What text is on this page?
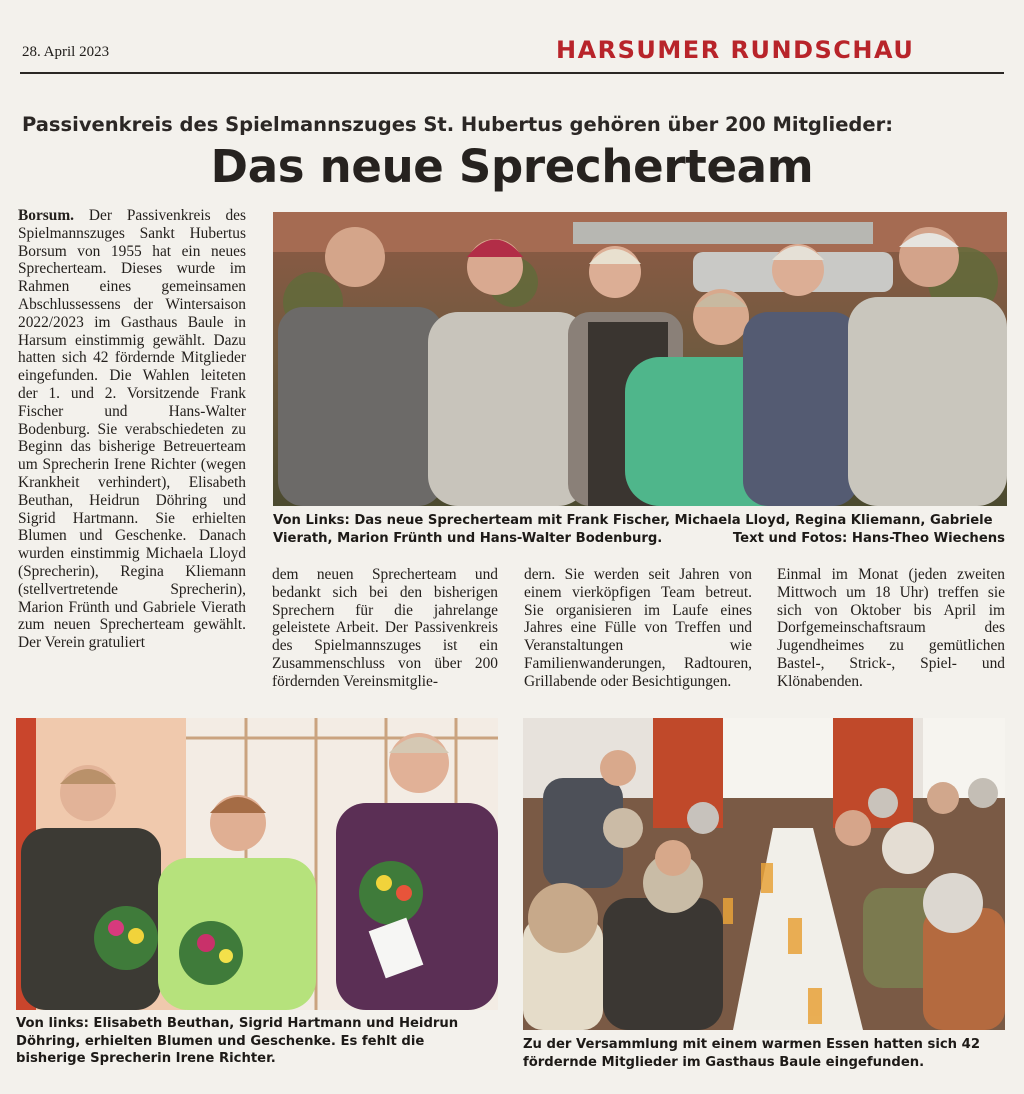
28. April 2023	HARSUMER RUNDSCHAU
Passivenkreis des Spielmannszuges St. Hubertus gehören über 200 Mitglieder:
Das neue Sprecherteam
Borsum. Der Passivenkreis des Spielmannszuges Sankt Hubertus Borsum von 1955 hat ein neues Sprecherteam. Dieses wurde im Rahmen eines gemeinsamen Abschlussessens der Wintersaison 2022/2023 im Gasthaus Baule in Harsum einstimmig gewählt. Dazu hatten sich 42 fördernde Mitglieder eingefunden. Die Wahlen leiteten der 1. und 2. Vorsitzende Frank Fischer und Hans-Walter Bodenburg. Sie verabschiedeten zu Beginn das bisherige Betreuerteam um Sprecherin Irene Richter (wegen Krankheit verhindert), Elisabeth Beuthan, Heidrun Döhring und Sigrid Hartmann. Sie erhielten Blumen und Geschenke. Danach wurden einstimmig Michaela Lloyd (Sprecherin), Regina Kliemann (stellvertretende Sprecherin), Marion Frünth und Gabriele Vierath zum neuen Sprecherteam gewählt. Der Verein gratuliert
Von Links: Das neue Sprecherteam mit Frank Fischer, Michaela Lloyd, Regina Kliemann, Gabriele Vierath, Marion Frünth und Hans-Walter Bodenburg.	Text und Fotos: Hans-Theo Wiechens
dem neuen Sprecherteam und bedankt sich bei den bisherigen Sprechern für die jahrelange geleistete Arbeit. Der Passivenkreis des Spielmannszuges ist ein Zusammenschluss von über 200 fördernden Vereinsmitglie-
dern. Sie werden seit Jahren von einem vierköpfigen Team betreut. Sie organisieren im Laufe eines Jahres eine Fülle von Treffen und Veranstaltungen wie Familienwanderungen, Radtouren, Grillabende oder Besichtigungen.
Einmal im Monat (jeden zweiten Mittwoch um 18 Uhr) treffen sie sich von Oktober bis April im Dorfgemeinschaftsraum des Jugendheimes zu gemütlichen Bastel-, Strick-, Spiel- und Klönabenden.
Von links: Elisabeth Beuthan, Sigrid Hartmann und Heidrun Döhring, erhielten Blumen und Geschenke. Es fehlt die bisherige Sprecherin Irene Richter.
Zu der Versammlung mit einem warmen Essen hatten sich 42 fördernde Mitglieder im Gasthaus Baule eingefunden.
